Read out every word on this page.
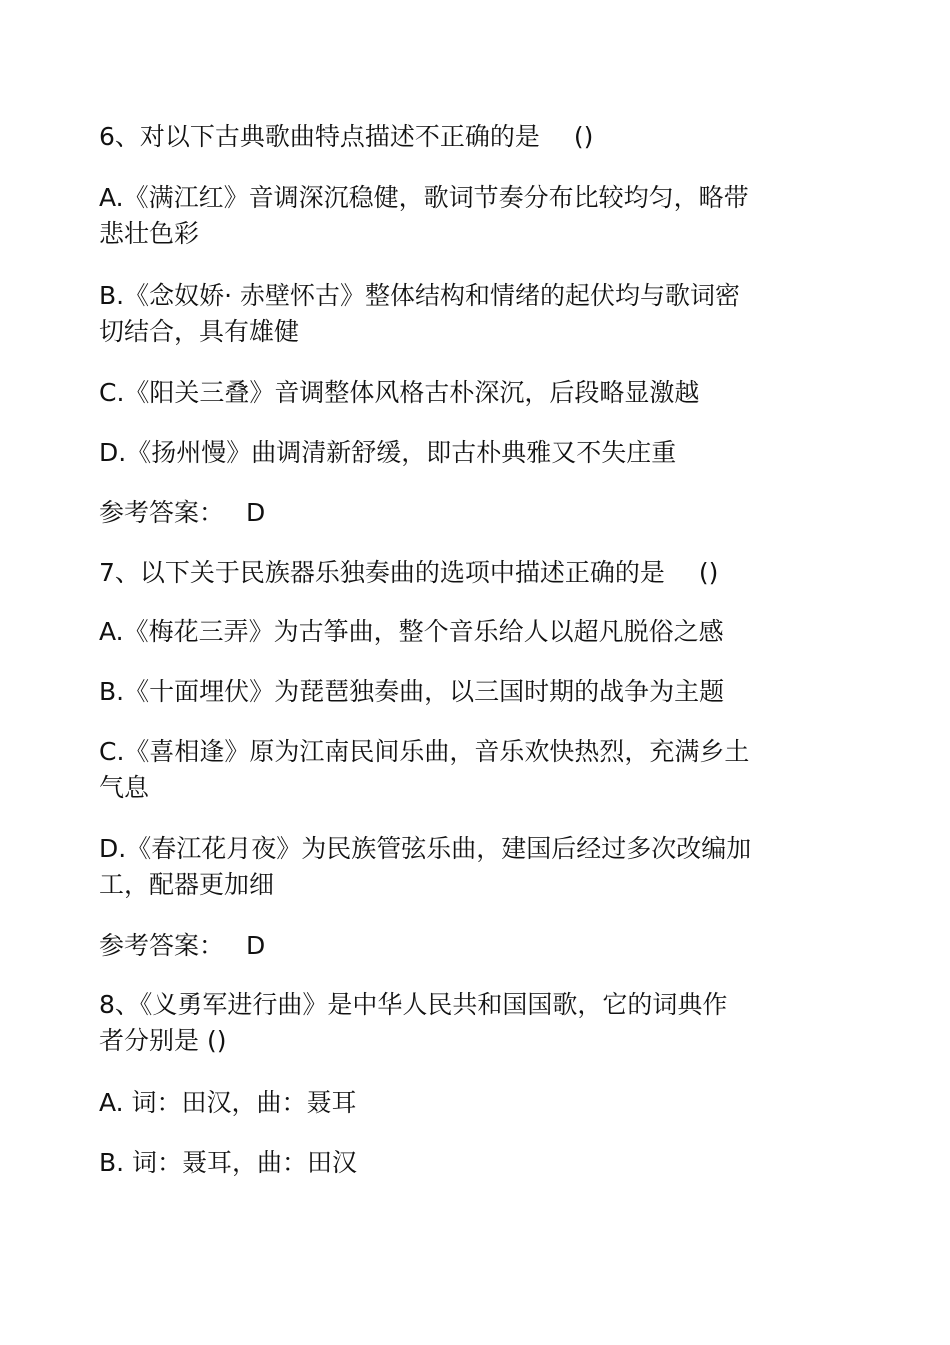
6、对以下古典歌曲特点描述不正确的是 ()
A.《满江红》音调深沉稳健，歌词节奏分布比较均匀，略带
悲壮色彩
B.《念奴娇· 赤壁怀古》整体结构和情绪的起伏均与歌词密
切结合，具有雄健
C.《阳关三叠》音调整体风格古朴深沉，后段略显激越
D.《扬州慢》曲调清新舒缓，即古朴典雅又不失庄重
参考答案： D
7、以下关于民族器乐独奏曲的选项中描述正确的是 ()
A.《梅花三弄》为古筝曲，整个音乐给人以超凡脱俗之感
B.《十面埋伏》为琵琶独奏曲，以三国时期的战争为主题
C.《喜相逢》原为江南民间乐曲，音乐欢快热烈，充满乡土
气息
D.《春江花月夜》为民族管弦乐曲，建国后经过多次改编加
工，配器更加细
参考答案： D
8、《义勇军进行曲》是中华人民共和国国歌，它的词典作
者分别是 ()
A. 词：田汉，曲：聂耳
B. 词：聂耳，曲：田汉
